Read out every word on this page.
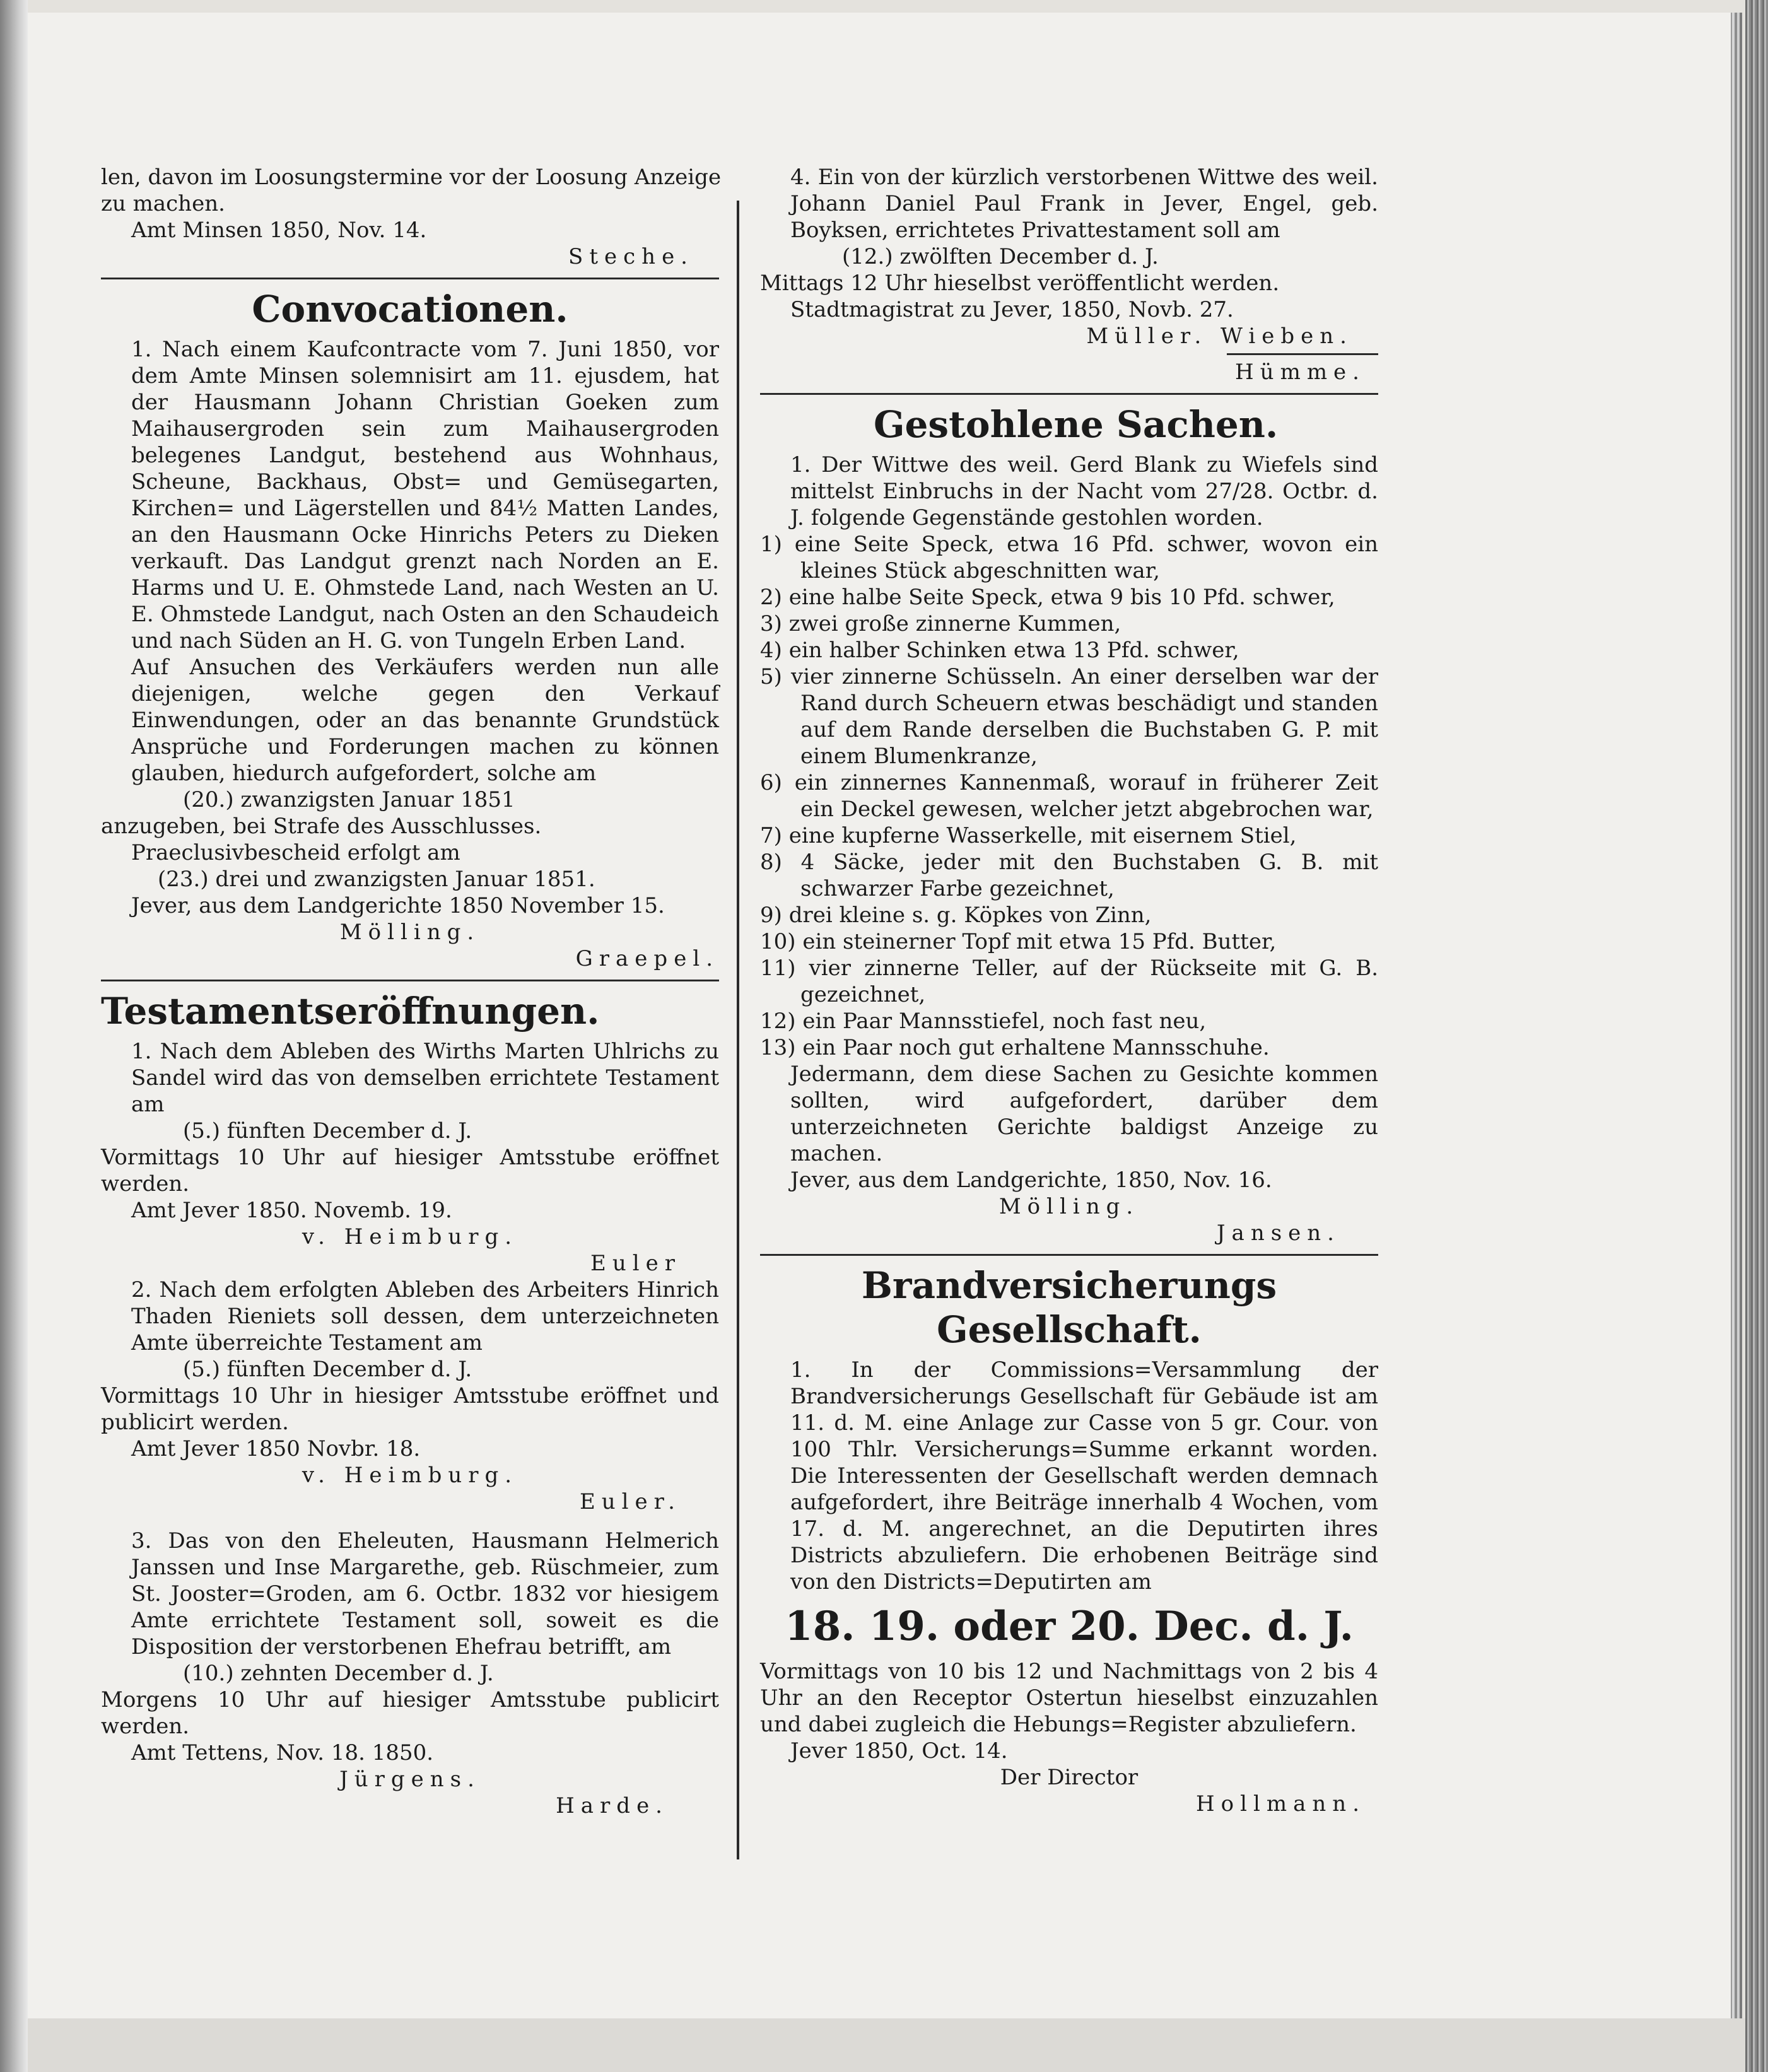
len, davon im Loosungstermine vor der Loosung Anzeige
zu machen.
Amt Minsen 1850, Nov. 14.
Steche.
Convocationen.

1. Nach einem Kaufcontracte vom 7. Juni 1850, vor dem Amte Minsen solemnisirt am 11. ejusdem, hat der Hausmann Johann Christian Goeken zum Maihausergroden sein zum Maihausergroden belegenes Landgut, bestehend aus Wohnhaus, Scheune, Backhaus, Obst= und Gemüsegarten, Kirchen= und Lägerstellen und 84½ Matten Landes, an den Hausmann Ocke Hinrichs Peters zu Dieken verkauft. Das Landgut grenzt nach Norden an E. Harms und U. E. Ohmstede Land, nach Westen an U. E. Ohmstede Landgut, nach Osten an den Schaudeich und nach Süden an H. G. von Tungeln Erben Land.

Auf Ansuchen des Verkäufers werden nun alle diejenigen, welche gegen den Verkauf Einwendungen, oder an das benannte Grundstück Ansprüche und Forderungen machen zu können glauben, hiedurch aufgefordert, solche am

(20.) zwanzigsten Januar 1851
anzugeben, bei Strafe des Ausschlusses.
Praeclusivbescheid erfolgt am
(23.) drei und zwanzigsten Januar 1851.
Jever, aus dem Landgerichte 1850 November 15.
Mölling.
Graepel.
Testamentseröffnungen.

1. Nach dem Ableben des Wirths Marten Uhlrichs zu Sandel wird das von demselben errichtete Testament am

(5.) fünften December d. J.

Vormittags 10 Uhr auf hiesiger Amtsstube eröffnet werden.

Amt Jever 1850. Novemb. 19.
v. Heimburg.
Euler

2. Nach dem erfolgten Ableben des Arbeiters Hinrich Thaden Rieniets soll dessen, dem unterzeichneten Amte überreichte Testament am

(5.) fünften December d. J.

Vormittags 10 Uhr in hiesiger Amtsstube eröffnet und publicirt werden.

Amt Jever 1850 Novbr. 18.
v. Heimburg.
Euler.

3. Das von den Eheleuten, Hausmann Helmerich Janssen und Inse Margarethe, geb. Rüschmeier, zum St. Jooster=Groden, am 6. Octbr. 1832 vor hiesigem Amte errichtete Testament soll, soweit es die Disposition der verstorbenen Ehefrau betrifft, am

(10.) zehnten December d. J.

Morgens 10 Uhr auf hiesiger Amtsstube publicirt werden.

Amt Tettens, Nov. 18. 1850.
Jürgens.
Harde.

4. Ein von der kürzlich verstorbenen Wittwe des weil. Johann Daniel Paul Frank in Jever, Engel, geb. Boyksen, errichtetes Privattestament soll am

(12.) zwölften December d. J.
Mittags 12 Uhr hieselbst veröffentlicht werden.
Stadtmagistrat zu Jever, 1850, Novb. 27.
Müller. Wieben.
Hümme.
Gestohlene Sachen.

1. Der Wittwe des weil. Gerd Blank zu Wiefels sind mittelst Einbruchs in der Nacht vom 27/28. Octbr. d. J. folgende Gegenstände gestohlen worden.

1) eine Seite Speck, etwa 16 Pfd. schwer, wovon ein kleines Stück abgeschnitten war,
2) eine halbe Seite Speck, etwa 9 bis 10 Pfd. schwer,
3) zwei große zinnerne Kummen,
4) ein halber Schinken etwa 13 Pfd. schwer,
5) vier zinnerne Schüsseln. An einer derselben war der Rand durch Scheuern etwas beschädigt und standen auf dem Rande derselben die Buchstaben G. P. mit einem Blumenkranze,
6) ein zinnernes Kannenmaß, worauf in früherer Zeit ein Deckel gewesen, welcher jetzt abgebrochen war,
7) eine kupferne Wasserkelle, mit eisernem Stiel,
8) 4 Säcke, jeder mit den Buchstaben G. B. mit schwarzer Farbe gezeichnet,
9) drei kleine s. g. Köpkes von Zinn,
10) ein steinerner Topf mit etwa 15 Pfd. Butter,
11) vier zinnerne Teller, auf der Rückseite mit G. B. gezeichnet,
12) ein Paar Mannsstiefel, noch fast neu,
13) ein Paar noch gut erhaltene Mannsschuhe.

Jedermann, dem diese Sachen zu Gesichte kommen sollten, wird aufgefordert, darüber dem unterzeichneten Gerichte baldigst Anzeige zu machen.

Jever, aus dem Landgerichte, 1850, Nov. 16.
Mölling.
Jansen.
Brandversicherungs Gesellschaft.

1. In der Commissions=Versammlung der Brandversicherungs Gesellschaft für Gebäude ist am 11. d. M. eine Anlage zur Casse von 5 gr. Cour. von 100 Thlr. Versicherungs=Summe erkannt worden. Die Interessenten der Gesellschaft werden demnach aufgefordert, ihre Beiträge innerhalb 4 Wochen, vom 17. d. M. angerechnet, an die Deputirten ihres Districts abzuliefern. Die erhobenen Beiträge sind von den Districts=Deputirten am

18. 19. oder 20. Dec. d. J.

Vormittags von 10 bis 12 und Nachmittags von 2 bis 4 Uhr an den Receptor Ostertun hieselbst einzuzahlen und dabei zugleich die Hebungs=Register abzuliefern.

Jever 1850, Oct. 14.
Der Director
Hollmann.
